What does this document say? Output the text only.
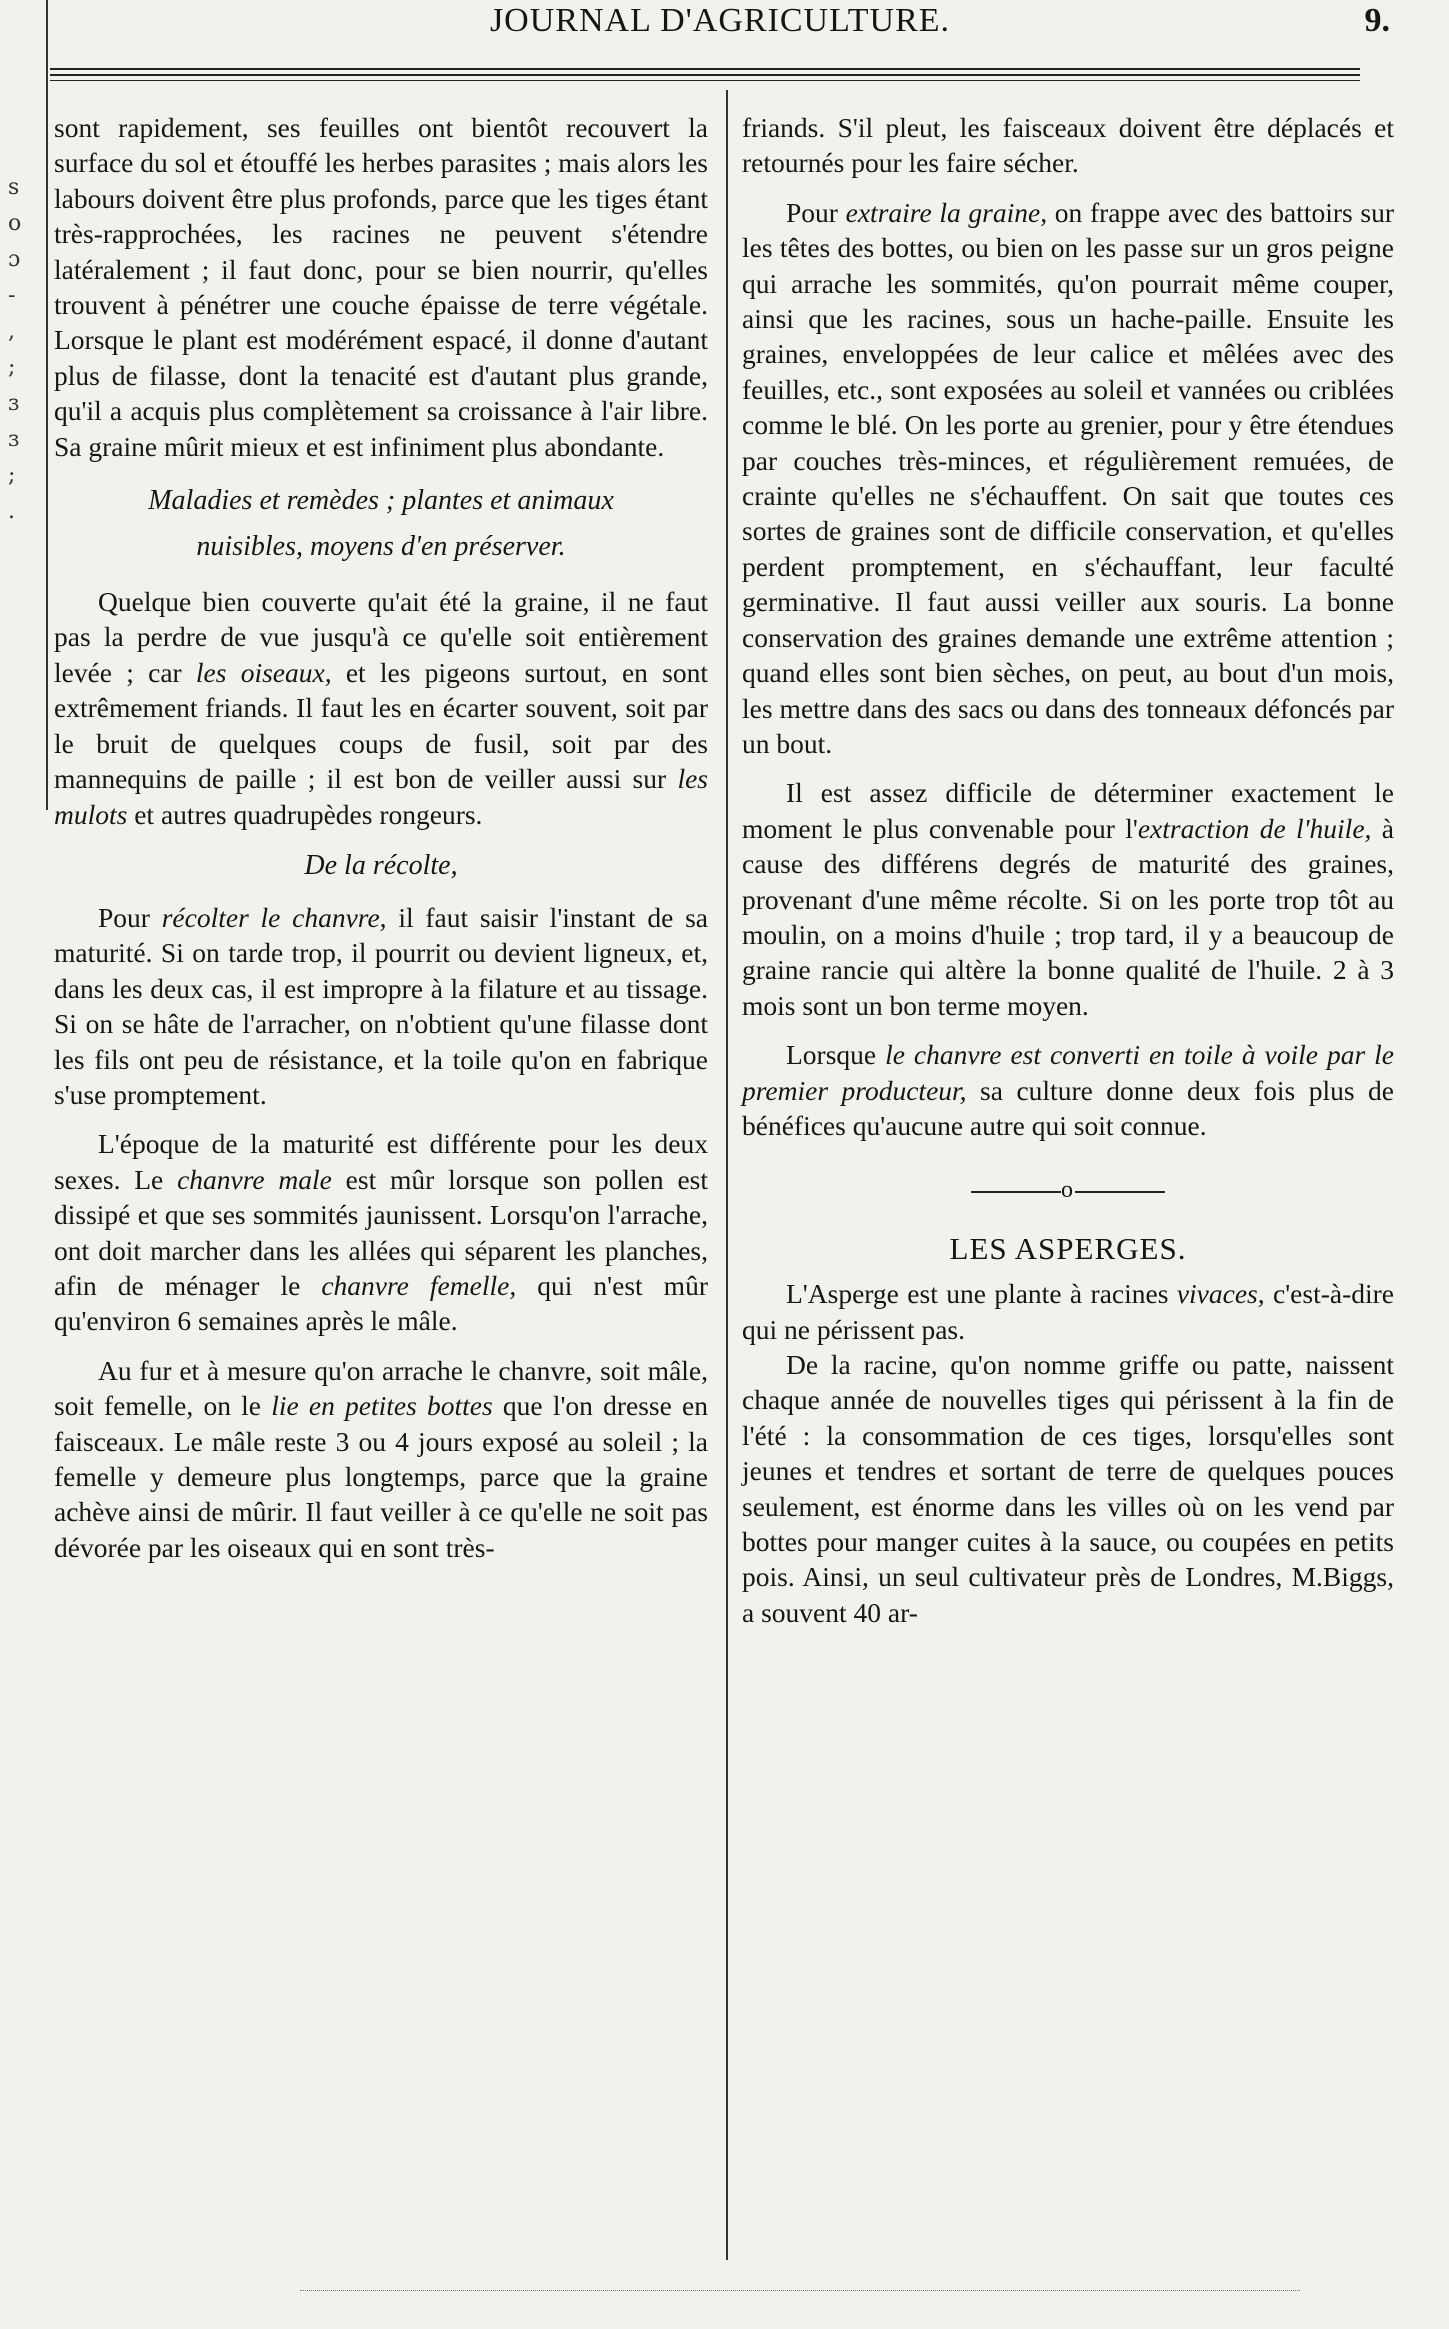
JOURNAL D'AGRICULTURE.	9.
s o ɔ - , ; ɜ ɜ ; .

sont rapidement, ses feuilles ont bientôt recouvert la surface du sol et étouffé les herbes parasites ; mais alors les labours doivent être plus profonds, parce que les tiges étant très-rapprochées, les racines ne peuvent s'étendre latéralement ; il faut donc, pour se bien nourrir, qu'elles trouvent à pénétrer une couche épaisse de terre végétale. Lorsque le plant est modérément espacé, il donne d'autant plus de filasse, dont la tenacité est d'autant plus grande, qu'il a acquis plus complètement sa croissance à l'air libre. Sa graine mûrit mieux et est infiniment plus abondante.

Maladies et remèdes ; plantes et animaux
nuisibles, moyens d'en préserver.

Quelque bien couverte qu'ait été la graine, il ne faut pas la perdre de vue jusqu'à ce qu'elle soit entièrement levée ; car les oiseaux, et les pigeons surtout, en sont extrêmement friands. Il faut les en écarter souvent, soit par le bruit de quelques coups de fusil, soit par des mannequins de paille ; il est bon de veiller aussi sur les mulots et autres quadrupèdes rongeurs.

De la récolte,

Pour récolter le chanvre, il faut saisir l'instant de sa maturité. Si on tarde trop, il pourrit ou devient ligneux, et, dans les deux cas, il est impropre à la filature et au tissage. Si on se hâte de l'arracher, on n'obtient qu'une filasse dont les fils ont peu de résistance, et la toile qu'on en fabrique s'use promptement.

L'époque de la maturité est différente pour les deux sexes. Le chanvre male est mûr lorsque son pollen est dissipé et que ses sommités jaunissent. Lorsqu'on l'arrache, ont doit marcher dans les allées qui séparent les planches, afin de ménager le chanvre femelle, qui n'est mûr qu'environ 6 semaines après le mâle.

Au fur et à mesure qu'on arrache le chanvre, soit mâle, soit femelle, on le lie en petites bottes que l'on dresse en faisceaux. Le mâle reste 3 ou 4 jours exposé au soleil ; la femelle y demeure plus longtemps, parce que la graine achève ainsi de mûrir. Il faut veiller à ce qu'elle ne soit pas dévorée par les oiseaux qui en sont très-

friands. S'il pleut, les faisceaux doivent être déplacés et retournés pour les faire sécher.

Pour extraire la graine, on frappe avec des battoirs sur les têtes des bottes, ou bien on les passe sur un gros peigne qui arrache les sommités, qu'on pourrait même couper, ainsi que les racines, sous un hache-paille. Ensuite les graines, enveloppées de leur calice et mêlées avec des feuilles, etc., sont exposées au soleil et vannées ou criblées comme le blé. On les porte au grenier, pour y être étendues par couches très-minces, et régulièrement remuées, de crainte qu'elles ne s'échauffent. On sait que toutes ces sortes de graines sont de difficile conservation, et qu'elles perdent promptement, en s'échauffant, leur faculté germinative. Il faut aussi veiller aux souris. La bonne conservation des graines demande une extrême attention ; quand elles sont bien sèches, on peut, au bout d'un mois, les mettre dans des sacs ou dans des tonneaux défoncés par un bout.

Il est assez difficile de déterminer exactement le moment le plus convenable pour l'extraction de l'huile, à cause des différens degrés de maturité des graines, provenant d'une même récolte. Si on les porte trop tôt au moulin, on a moins d'huile ; trop tard, il y a beaucoup de graine rancie qui altère la bonne qualité de l'huile. 2 à 3 mois sont un bon terme moyen.

Lorsque le chanvre est converti en toile à voile par le premier producteur, sa culture donne deux fois plus de bénéfices qu'aucune autre qui soit connue.

o
LES ASPERGES.

L'Asperge est une plante à racines vivaces, c'est-à-dire qui ne périssent pas.

De la racine, qu'on nomme griffe ou patte, naissent chaque année de nouvelles tiges qui périssent à la fin de l'été : la consommation de ces tiges, lorsqu'elles sont jeunes et tendres et sortant de terre de quelques pouces seulement, est énorme dans les villes où on les vend par bottes pour manger cuites à la sauce, ou coupées en petits pois. Ainsi, un seul cultivateur près de Londres, M.Biggs, a souvent 40 ar-
